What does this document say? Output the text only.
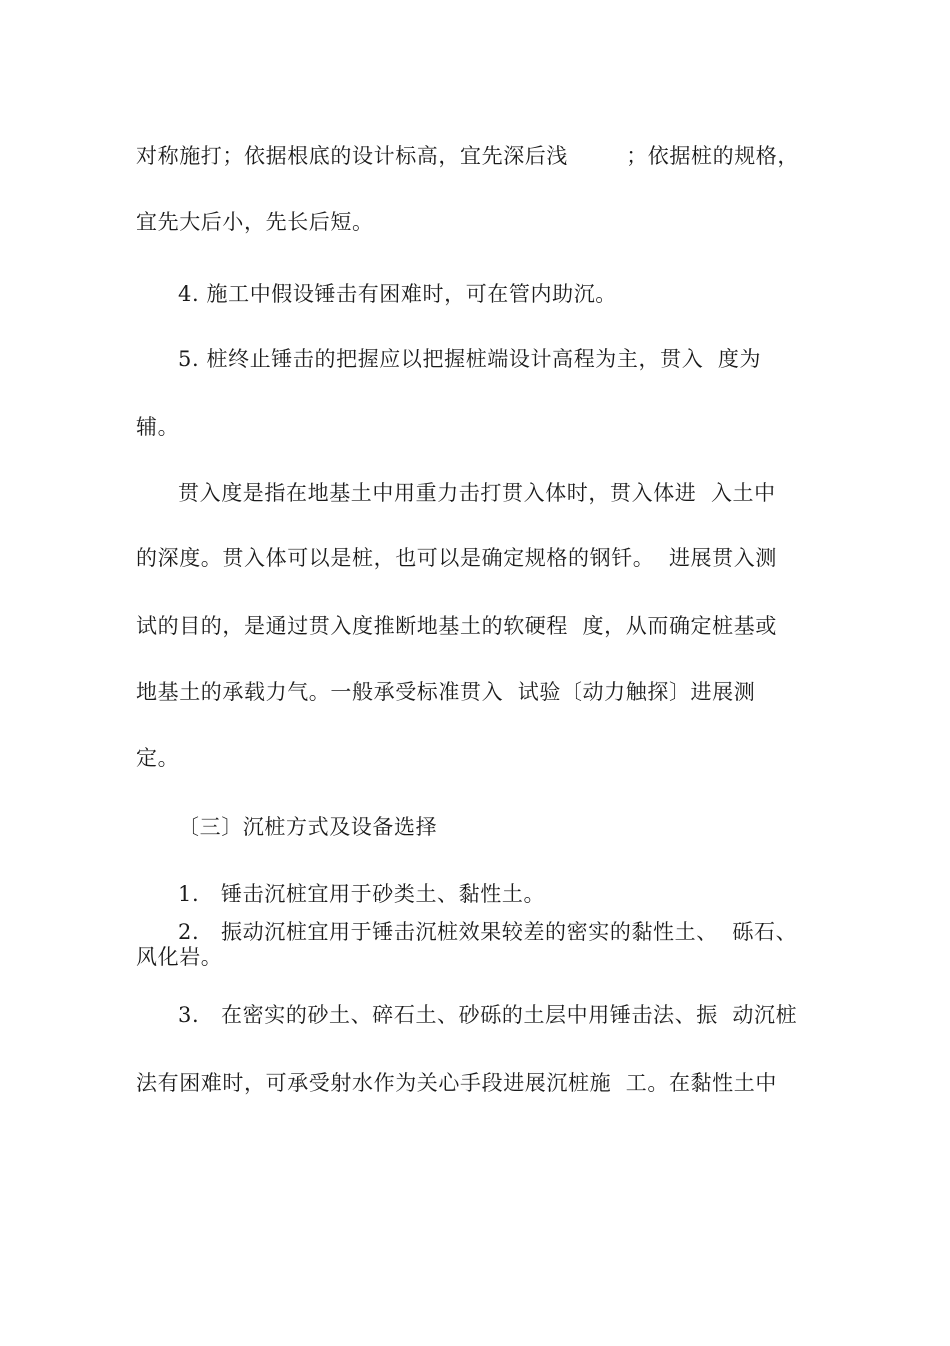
对称施打；依据根底的设计标高，宜先深后浅        ；依据桩的规格，
宜先大后小，先长后短。
4. 施工中假设锤击有困难时，可在管内助沉。
5. 桩终止锤击的把握应以把握桩端设计高程为主，贯入  度为
辅。
贯入度是指在地基土中用重力击打贯入体时，贯入体进  入土中
的深度。贯入体可以是桩，也可以是确定规格的钢钎。  进展贯入测
试的目的，是通过贯入度推断地基土的软硬程  度，从而确定桩基或
地基土的承载力气。一般承受标准贯入  试验〔动力触探〕进展测
定。
〔三〕沉桩方式及设备选择
1.   锤击沉桩宜用于砂类土、黏性土。
2.   振动沉桩宜用于锤击沉桩效果较差的密实的黏性土、  砾石、
风化岩。
3.   在密实的砂土、碎石土、砂砾的土层中用锤击法、振  动沉桩
法有困难时，可承受射水作为关心手段进展沉桩施  工。在黏性土中
